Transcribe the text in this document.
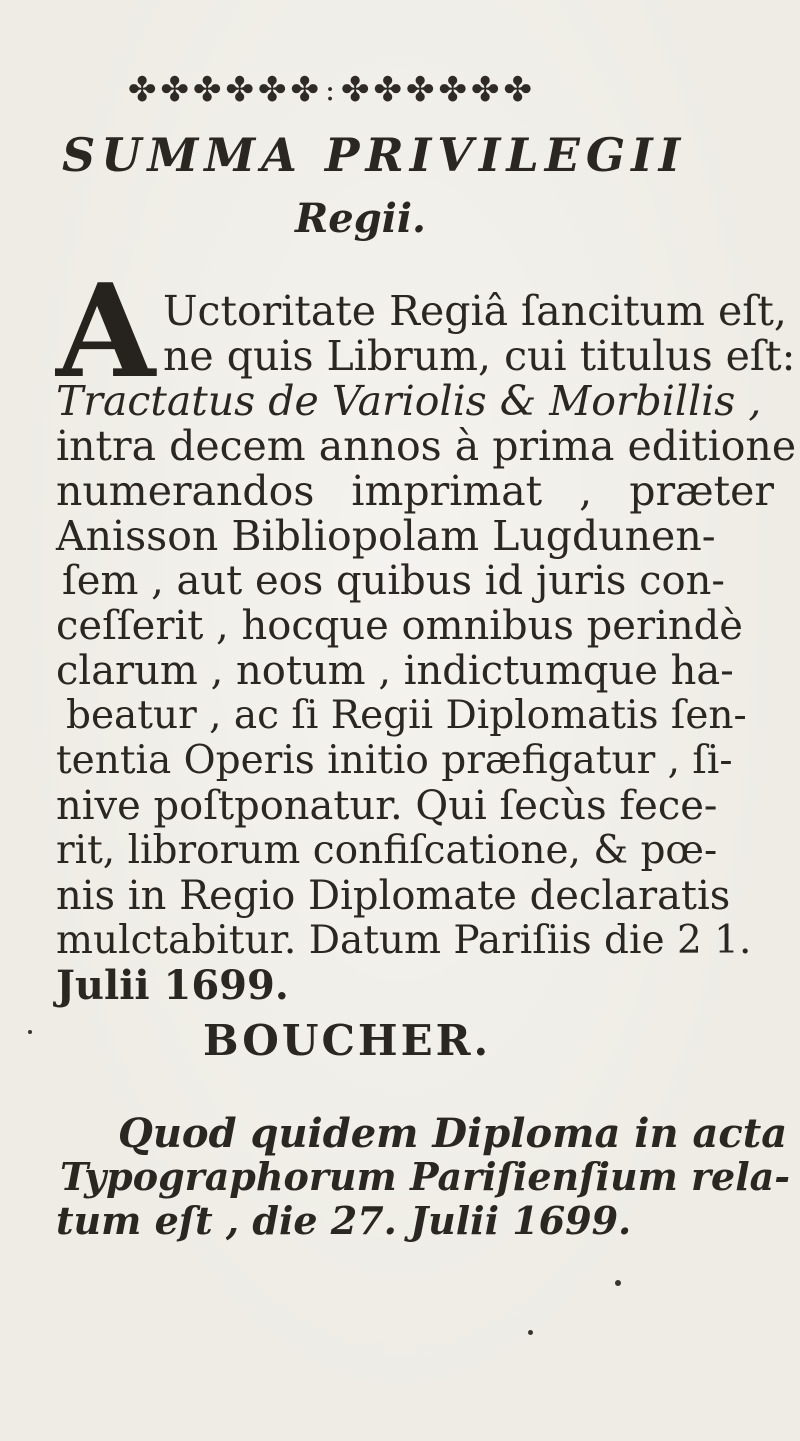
✤ ✤ ✤ ✤ ✤ ✤ : ✤ ✤ ✤ ✤ ✤ ✤
SUMMA PRIVILEGII
Regii.
A Uctoritate Regiâ ſancitum eſt,
ne quis Librum, cui titulus eſt:
Tractatus de Variolis & Morbillis ,
intra decem annos à prima editione
numerandos imprimat , præter
Anisson Bibliopolam Lugdunen-
ſem , aut eos quibus id juris con-
ceſſerit , hocque omnibus perindè
clarum , notum , indictumque ha-
beatur , ac ſi Regii Diplomatis ſen-
tentia Operis initio præfigatur , ſi-
nive poſtponatur. Qui ſecùs fece-
rit, librorum confiſcatione, & pœ-
nis in Regio Diplomate declaratis
mulctabitur. Datum Pariſiis die 2 1.
Julii 1699.
BOUCHER.
Quod quidem Diploma in acta
Typographorum Pariſienſium rela-
tum eſt , die 27. Julii 1699.
